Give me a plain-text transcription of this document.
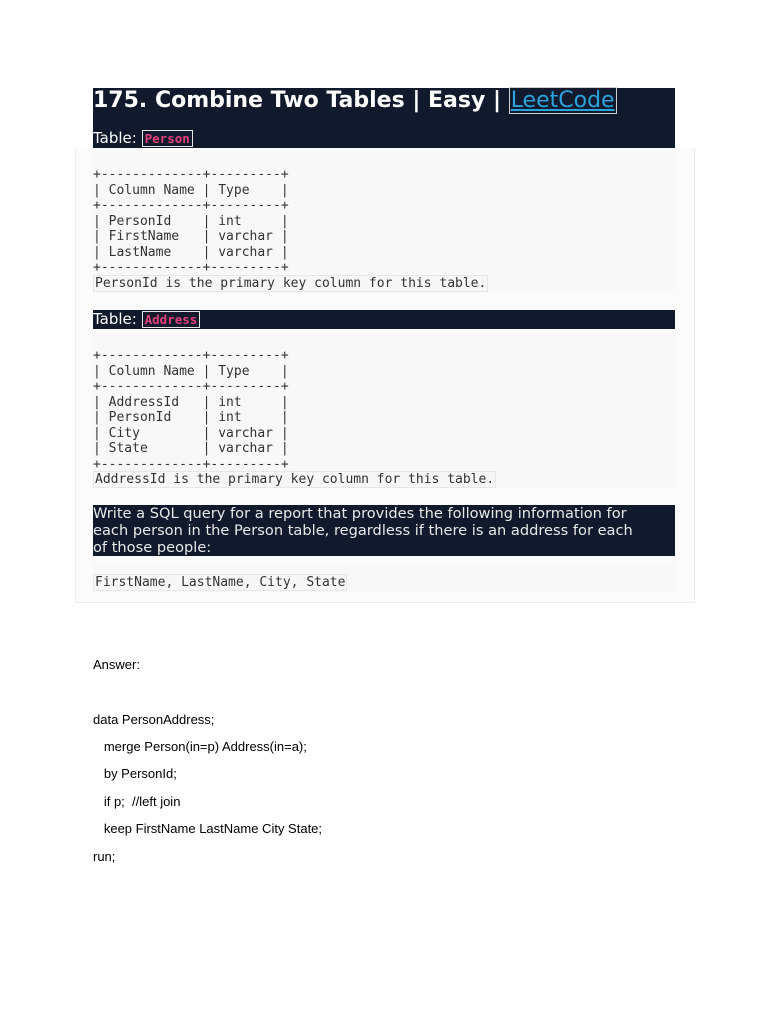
175. Combine Two Tables | Easy | LeetCode
Table: Person
+-------------+---------+
| Column Name | Type    |
+-------------+---------+
| PersonId    | int     |
| FirstName   | varchar |
| LastName    | varchar |
+-------------+---------+
PersonId is the primary key column for this table.
Table: Address
+-------------+---------+
| Column Name | Type    |
+-------------+---------+
| AddressId   | int     |
| PersonId    | int     |
| City        | varchar |
| State       | varchar |
+-------------+---------+
AddressId is the primary key column for this table.
Write a SQL query for a report that provides the following information for
each person in the Person table, regardless if there is an address for each
of those people:
FirstName, LastName, City, State
Answer:
data PersonAddress;
merge Person(in=p) Address(in=a);
by PersonId;
if p;  //left join
keep FirstName LastName City State;
run;
